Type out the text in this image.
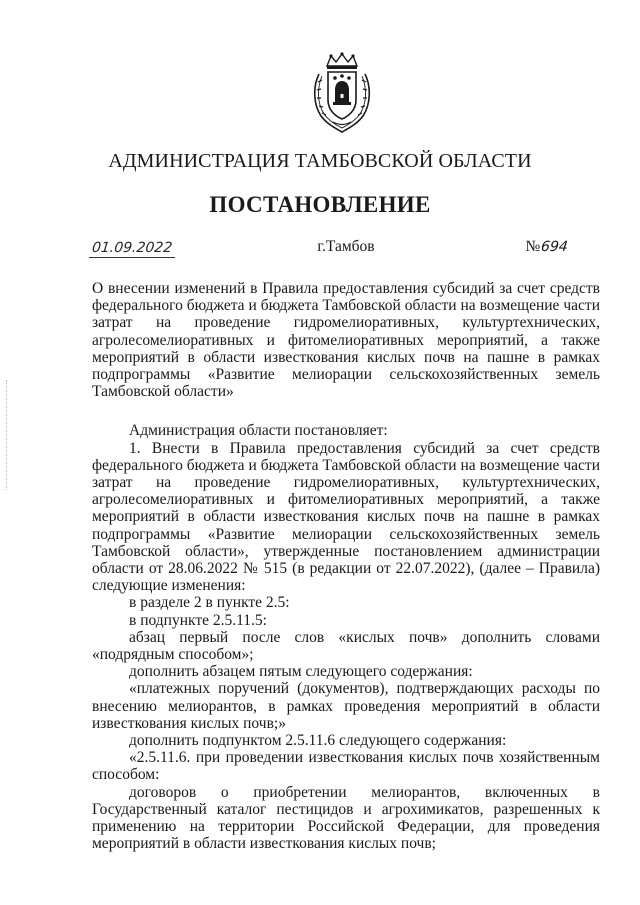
АДМИНИСТРАЦИЯ ТАМБОВСКОЙ ОБЛАСТИ
ПОСТАНОВЛЕНИЕ
01.09.2022	г.Тамбов	№694

О внесении изменений в Правила предоставления субсидий за счет средств федерального бюджета и бюджета Тамбовской области на возмещение части затрат на проведение гидромелиоративных, культуртехнических, агролесомелиоративных и фитомелиоративных мероприятий, а также мероприятий в области известкования кислых почв на пашне в рамках подпрограммы «Развитие мелиорации сельскохозяйственных земель Тамбовской области»

Администрация области постановляет:

1. Внести в Правила предоставления субсидий за счет средств федерального бюджета и бюджета Тамбовской области на возмещение части затрат на проведение гидромелиоративных, культуртехнических, агролесомелиоративных и фитомелиоративных мероприятий, а также мероприятий в области известкования кислых почв на пашне в рамках подпрограммы «Развитие мелиорации сельскохозяйственных земель Тамбовской области», утвержденные постановлением администрации области от 28.06.2022 № 515 (в редакции от 22.07.2022), (далее – Правила) следующие изменения:

в разделе 2 в пункте 2.5:

в подпункте 2.5.11.5:

абзац первый после слов «кислых почв» дополнить словами «подрядным способом»;

дополнить абзацем пятым следующего содержания:

«платежных поручений (документов), подтверждающих расходы по внесению мелиорантов, в рамках проведения мероприятий в области известкования кислых почв;»

дополнить подпунктом 2.5.11.6 следующего содержания:

«2.5.11.6. при проведении известкования кислых почв хозяйственным способом:

договоров о приобретении мелиорантов, включенных в Государственный каталог пестицидов и агрохимикатов, разрешенных к применению на территории Российской Федерации, для проведения мероприятий в области известкования кислых почв;
